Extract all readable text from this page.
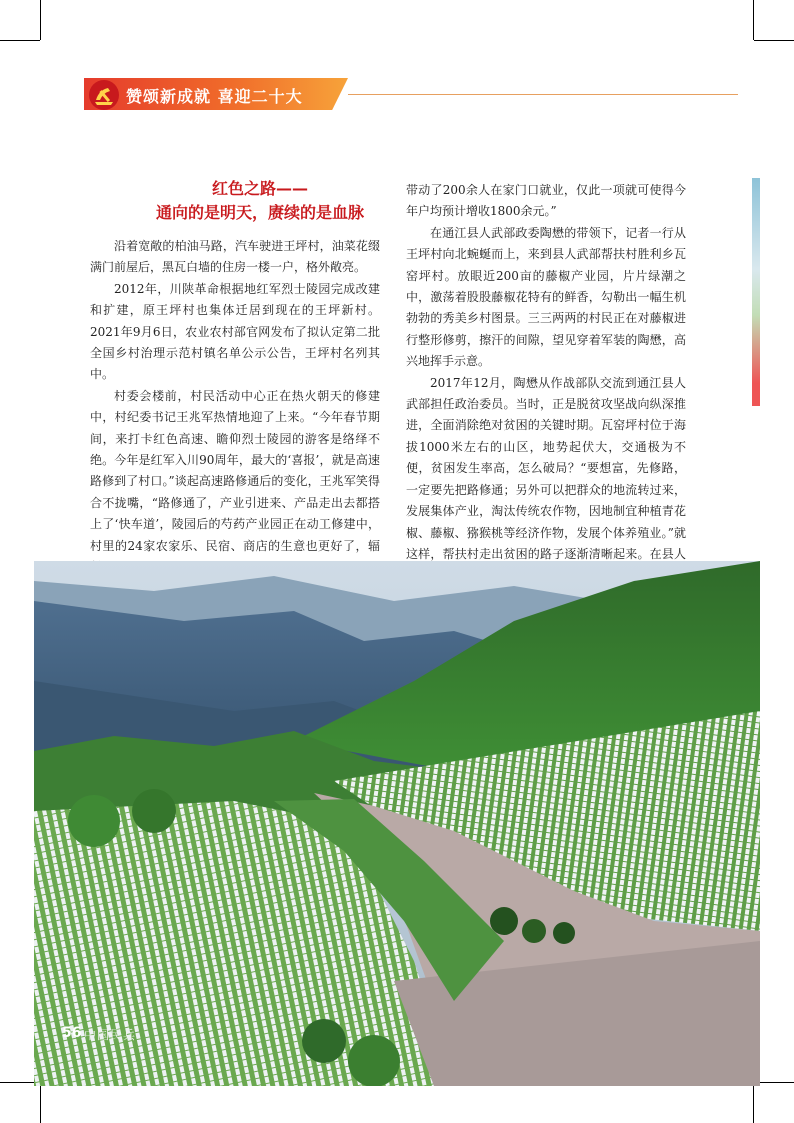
赞颂新成就 喜迎二十大
红色之路——
通向的是明天，赓续的是血脉

沿着宽敞的柏油马路，汽车驶进王坪村，油菜花缀满门前屋后，黑瓦白墙的住房一楼一户，格外敞亮。

2012年，川陕革命根据地红军烈士陵园完成改建和扩建，原王坪村也集体迁居到现在的王坪新村。2021年9月6日，农业农村部官网发布了拟认定第二批全国乡村治理示范村镇名单公示公告，王坪村名列其中。

村委会楼前，村民活动中心正在热火朝天的修建中，村纪委书记王兆军热情地迎了上来。“今年春节期间，来打卡红色高速、瞻仰烈士陵园的游客是络绎不绝。今年是红军入川90周年，最大的‘喜报’，就是高速路修到了村口。”谈起高速路修通后的变化，王兆军笑得合不拢嘴，“路修通了，产业引进来、产品走出去都搭上了‘快车道’，陵园后的芍药产业园正在动工修建中，村里的24家农家乐、民宿、商店的生意也更好了，辐

带动了200余人在家门口就业，仅此一项就可使得今年户均预计增收1800余元。”

在通江县人武部政委陶懋的带领下，记者一行从王坪村向北蜿蜒而上，来到县人武部帮扶村胜利乡瓦窑坪村。放眼近200亩的藤椒产业园，片片绿潮之中，激荡着股股藤椒花特有的鲜香，勾勒出一幅生机勃勃的秀美乡村图景。三三两两的村民正在对藤椒进行整形修剪，擦汗的间隙，望见穿着军装的陶懋，高兴地挥手示意。

2017年12月，陶懋从作战部队交流到通江县人武部担任政治委员。当时，正是脱贫攻坚战向纵深推进，全面消除绝对贫困的关键时期。瓦窑坪村位于海拔1000米左右的山区，地势起伏大，交通极为不便，贫困发生率高，怎么破局？“要想富，先修路，一定要先把路修通；另外可以把群众的地流转过来，发展集体产业，淘汰传统农作物，因地制宜种植青花椒、藤椒、猕猴桃等经济作物，发展个体养殖业。”就这样，帮扶村走出贫困的路子逐渐清晰起来。在县人

56 中国民兵
